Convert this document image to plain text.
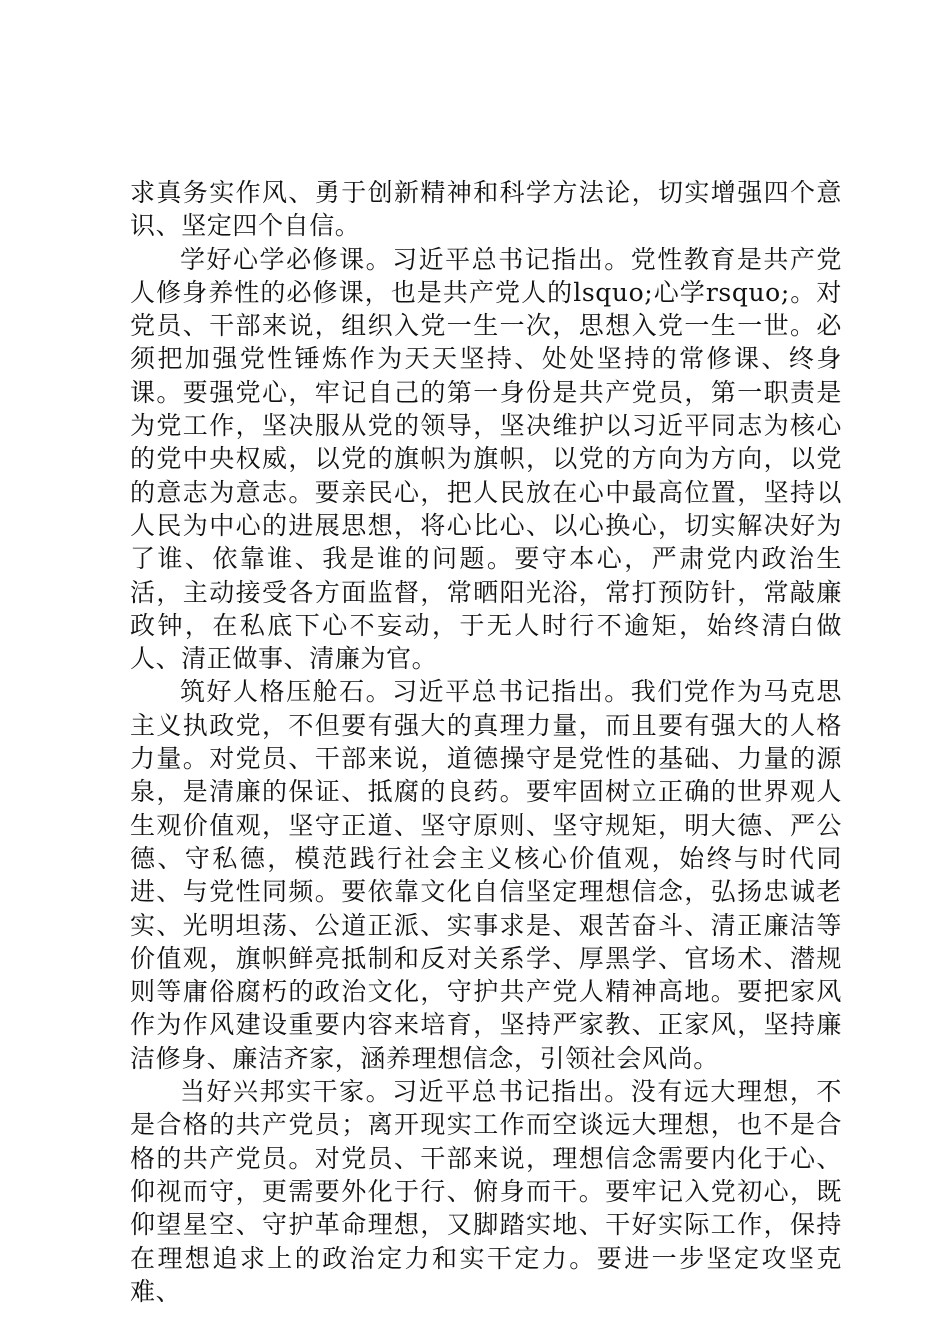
求真务实作风、勇于创新精神和科学方法论，切实增强四个意识、坚定四个自信。

学好心学必修课。习近平总书记指出。党性教育是共产党人修身养性的必修课，也是共产党人的lsquo;心学rsquo;。对党员、干部来说，组织入党一生一次，思想入党一生一世。必须把加强党性锤炼作为天天坚持、处处坚持的常修课、终身课。要强党心，牢记自己的第一身份是共产党员，第一职责是为党工作，坚决服从党的领导，坚决维护以习近平同志为核心的党中央权威，以党的旗帜为旗帜，以党的方向为方向，以党的意志为意志。要亲民心，把人民放在心中最高位置，坚持以人民为中心的进展思想，将心比心、以心换心，切实解决好为了谁、依靠谁、我是谁的问题。要守本心，严肃党内政治生活，主动接受各方面监督，常晒阳光浴，常打预防针，常敲廉政钟，在私底下心不妄动，于无人时行不逾矩，始终清白做人、清正做事、清廉为官。

筑好人格压舱石。习近平总书记指出。我们党作为马克思主义执政党，不但要有强大的真理力量，而且要有强大的人格力量。对党员、干部来说，道德操守是党性的基础、力量的源泉，是清廉的保证、抵腐的良药。要牢固树立正确的世界观人生观价值观，坚守正道、坚守原则、坚守规矩，明大德、严公德、守私德，模范践行社会主义核心价值观，始终与时代同进、与党性同频。要依靠文化自信坚定理想信念，弘扬忠诚老实、光明坦荡、公道正派、实事求是、艰苦奋斗、清正廉洁等价值观，旗帜鲜亮抵制和反对关系学、厚黑学、官场术、潜规则等庸俗腐朽的政治文化，守护共产党人精神高地。要把家风作为作风建设重要内容来培育，坚持严家教、正家风，坚持廉洁修身、廉洁齐家，涵养理想信念，引领社会风尚。

当好兴邦实干家。习近平总书记指出。没有远大理想，不是合格的共产党员；离开现实工作而空谈远大理想，也不是合格的共产党员。对党员、干部来说，理想信念需要内化于心、仰视而守，更需要外化于行、俯身而干。要牢记入党初心，既仰望星空、守护革命理想，又脚踏实地、干好实际工作，保持在理想追求上的政治定力和实干定力。要进一步坚定攻坚克难、
